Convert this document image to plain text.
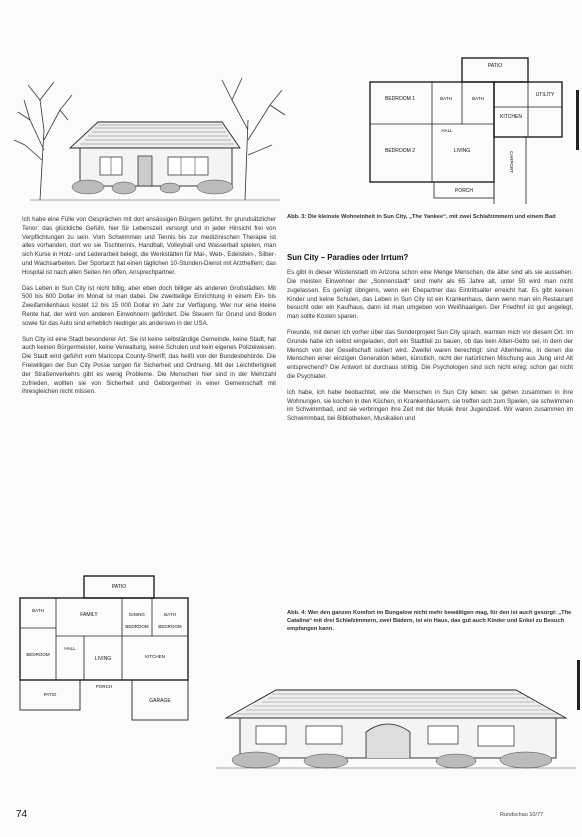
PATIO
BEDROOM 1	BATH	BATH
KITCHEN
UTILITY
HALL
BEDROOM 2	LIVING
CARPORT
PORCH
Abb. 3: Die kleinste Wohneinheit in Sun City, „The Yankee“, mit zwei Schlafzimmern und einem Bad

Ich habe eine Fülle von Gesprächen mit dort ansässigen Bürgern geführt. Ihr grundsätzlicher Tenor: das glückliche Gefühl, hier für Lebenszeit versorgt und in jeder Hinsicht frei von Verpflichtungen zu sein. Vom Schwimmen und Tennis bis zur medizinischen Therapie ist alles vorhanden, dort wo sie Tischtennis, Handball, Volleyball und Wasserball spielen, man sich Kurse in Holz- und Lederarbeit belegt, die Werkstätten für Mal-, Web-, Edelstein-, Silber- und Wachsarbeiten. Der Sportarzt hat einen täglichen 10-Stunden-Dienst mit Arzthelfern; das Hospital ist nach allen Seiten hin offen, Ansprechpartner.

Das Leben in Sun City ist nicht billig, aber eben doch billiger als anderen Großstädten. Mit 500 bis 600 Dollar im Monat ist man dabei. Die zweitteilige Einrichtung in einem Ein- bis Zweifamilienhaus kostet 12 bis 15 000 Dollar im Jahr zur Verfügung. Wer nur eine kleine Rente hat, der wird von anderen Einwohnern gefördert. Die Steuern für Grund und Boden sowie für das Auto sind erheblich niedriger als anderswo in der USA.

Sun City ist eine Stadt besonderer Art. Sie ist keine selbständige Gemeinde, keine Stadt, hat auch keinen Bürgermeister, keine Verwaltung, keine Schulen und kein eigenes Polizeiwesen. Die Stadt wird geführt vom Maricopa County-Sheriff, das heißt von der Bundesbehörde. Die Freiwilligen der Sun City Posse sorgen für Sicherheit und Ordnung. Mit der Leichtfertigkeit der Straßenverkehrs gibt es wenig Probleme. Die Menschen hier sind in der Mehrzahl zufrieden, wollten sie von Sicherheit und Geborgenheit in einer Gemeinschaft mit ihresgleichen nicht missen.

Sun City – Paradies oder Irrtum?

Es gibt in dieser Wüstenstadt im Arizona schon eine Menge Menschen, die älter sind als sie aussehen. Die meisten Einwohner der „Sonnenstadt“ sind mehr als 65 Jahre alt, unter 50 wird man nicht zugelassen. Es genügt übrigens, wenn ein Ehepartner das Eintrittsalter erreicht hat. Es gibt keinen Kinder und keine Schulen, das Leben in Sun City ist ein Krankenhaus, dann wenn man ein Restaurant besucht oder ein Kaufhaus, dann ist man umgeben von Weißhaarigen. Der Friedhof ist gut angelegt, man sollte Kosten sparen.

Freunde, mit denen ich vorher über das Sonderprojekt Sun City sprach, warnten mich vor diesem Ort. Im Grunde habe ich selbst eingeladen, dort ein Stadtteil zu bauen, ob das kein Alten-Getto sei, in dem der Mensch von der Gesellschaft isoliert wird. Zweifel waren berechtigt: sind Altenheime, in denen die Menschen einer einzigen Generation leben, künstlich, nicht der natürlichen Mischung aus Jung und Alt entsprechend? Die Antwort ist durchaus strittig. Die Psychologen sind sich nicht einig; schon gar nicht die Psychiater.

Ich habe, ich habe beobachtet, wie die Menschen in Sun City leben: sie gehen zusammen in ihre Wohnungen, sie kochen in den Küchen, in Krankenhäusern, sie treffen sich zum Spielen, sie schwimmen im Schwimmbad, und sie verbringen ihre Zeit mit der Musik ihrer Jugendzeit. Wir waren zusammen im Schwimmbad, bei Bibliotheken, Musikalien und

PATIO
BATH
BEDROOM
FAMILY
LIVING
DINING	BATH
HALL
KITCHEN
BEDROOM
BEDROOM
PATIO
PORCH
GARAGE
Abb. 4: Wer den ganzen Komfort im Bungalow nicht mehr bewältigen mag, für den ist auch gesorgt: „The Catalina“ mit drei Schlafzimmern, zwei Bädern, ist ein Haus, das gut auch Kinder und Enkel zu Besuch empfangen kann.
74	Rundschau 10/77
